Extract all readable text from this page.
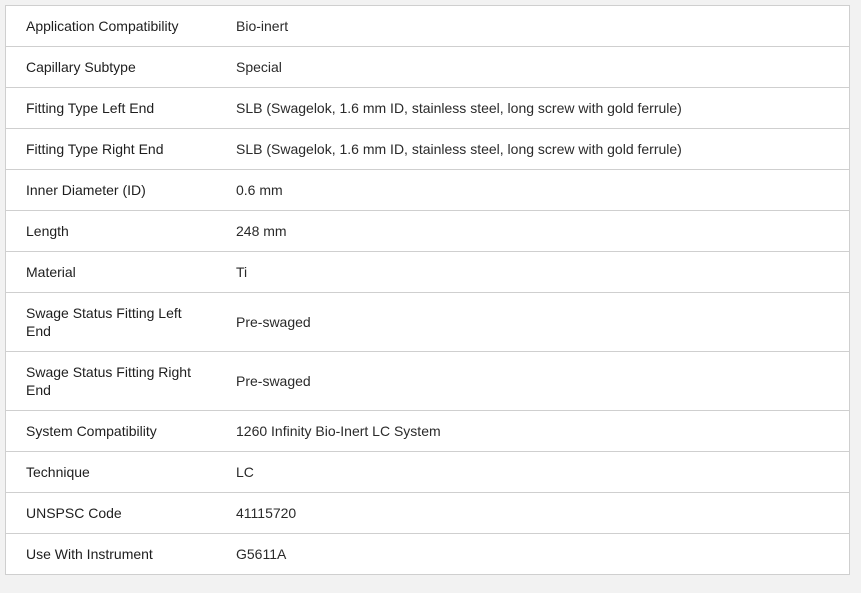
Application Compatibility	Bio-inert
Capillary Subtype	Special
Fitting Type Left End	SLB (Swagelok, 1.6 mm ID, stainless steel, long screw with gold ferrule)
Fitting Type Right End	SLB (Swagelok, 1.6 mm ID, stainless steel, long screw with gold ferrule)
Inner Diameter (ID)	0.6 mm
Length	248 mm
Material	Ti
Swage Status Fitting Left End	Pre-swaged
Swage Status Fitting Right End	Pre-swaged
System Compatibility	1260 Infinity Bio-Inert LC System
Technique	LC
UNSPSC Code	41115720
Use With Instrument	G5611A
